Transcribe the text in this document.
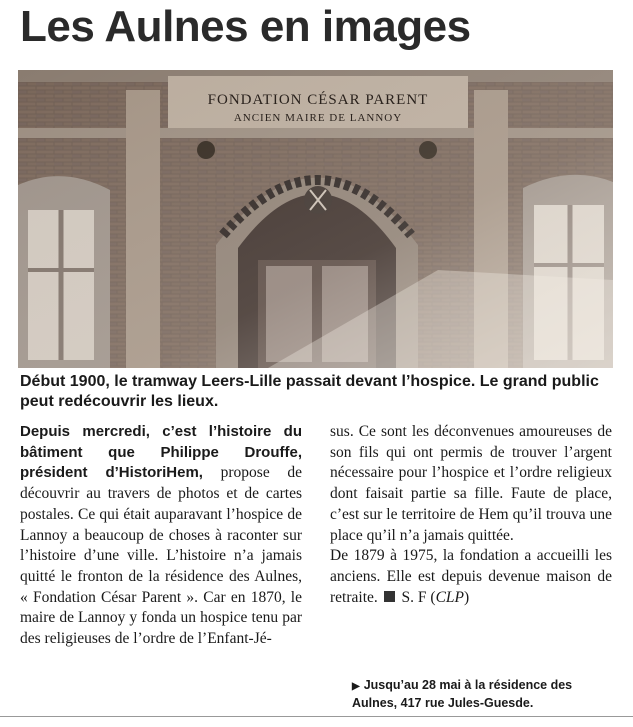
Les Aulnes en images
FONDATION CÉSAR PARENT
ANCIEN MAIRE DE LANNOY
Début 1900, le tramway Leers-Lille passait devant l’hospice. Le grand public peut redécouvrir les lieux.
Depuis mercredi, c’est l’histoire du bâtiment que Philippe Drouffe, président d’HistoriHem, propose de découvrir au travers de photos et de cartes postales. Ce qui était auparavant l’hospice de Lannoy a beaucoup de choses à raconter sur l’histoire d’une ville. L’histoire n’a jamais quitté le fronton de la résidence des Aulnes, « Fondation César Parent ». Car en 1870, le maire de Lannoy y fonda un hospice tenu par des religieuses de l’ordre de l’Enfant-Jé-
sus. Ce sont les déconvenues amoureuses de son fils qui ont permis de trouver l’argent nécessaire pour l’hospice et l’ordre religieux dont faisait partie sa fille. Faute de place, c’est sur le territoire de Hem qu’il trouva une place qu’il n’a jamais quittée.
De 1879 à 1975, la fondation a accueilli les anciens. Elle est depuis devenue maison de retraite. S. F (CLP)
▶ Jusqu’au 28 mai à la résidence des Aulnes, 417 rue Jules-Guesde.
